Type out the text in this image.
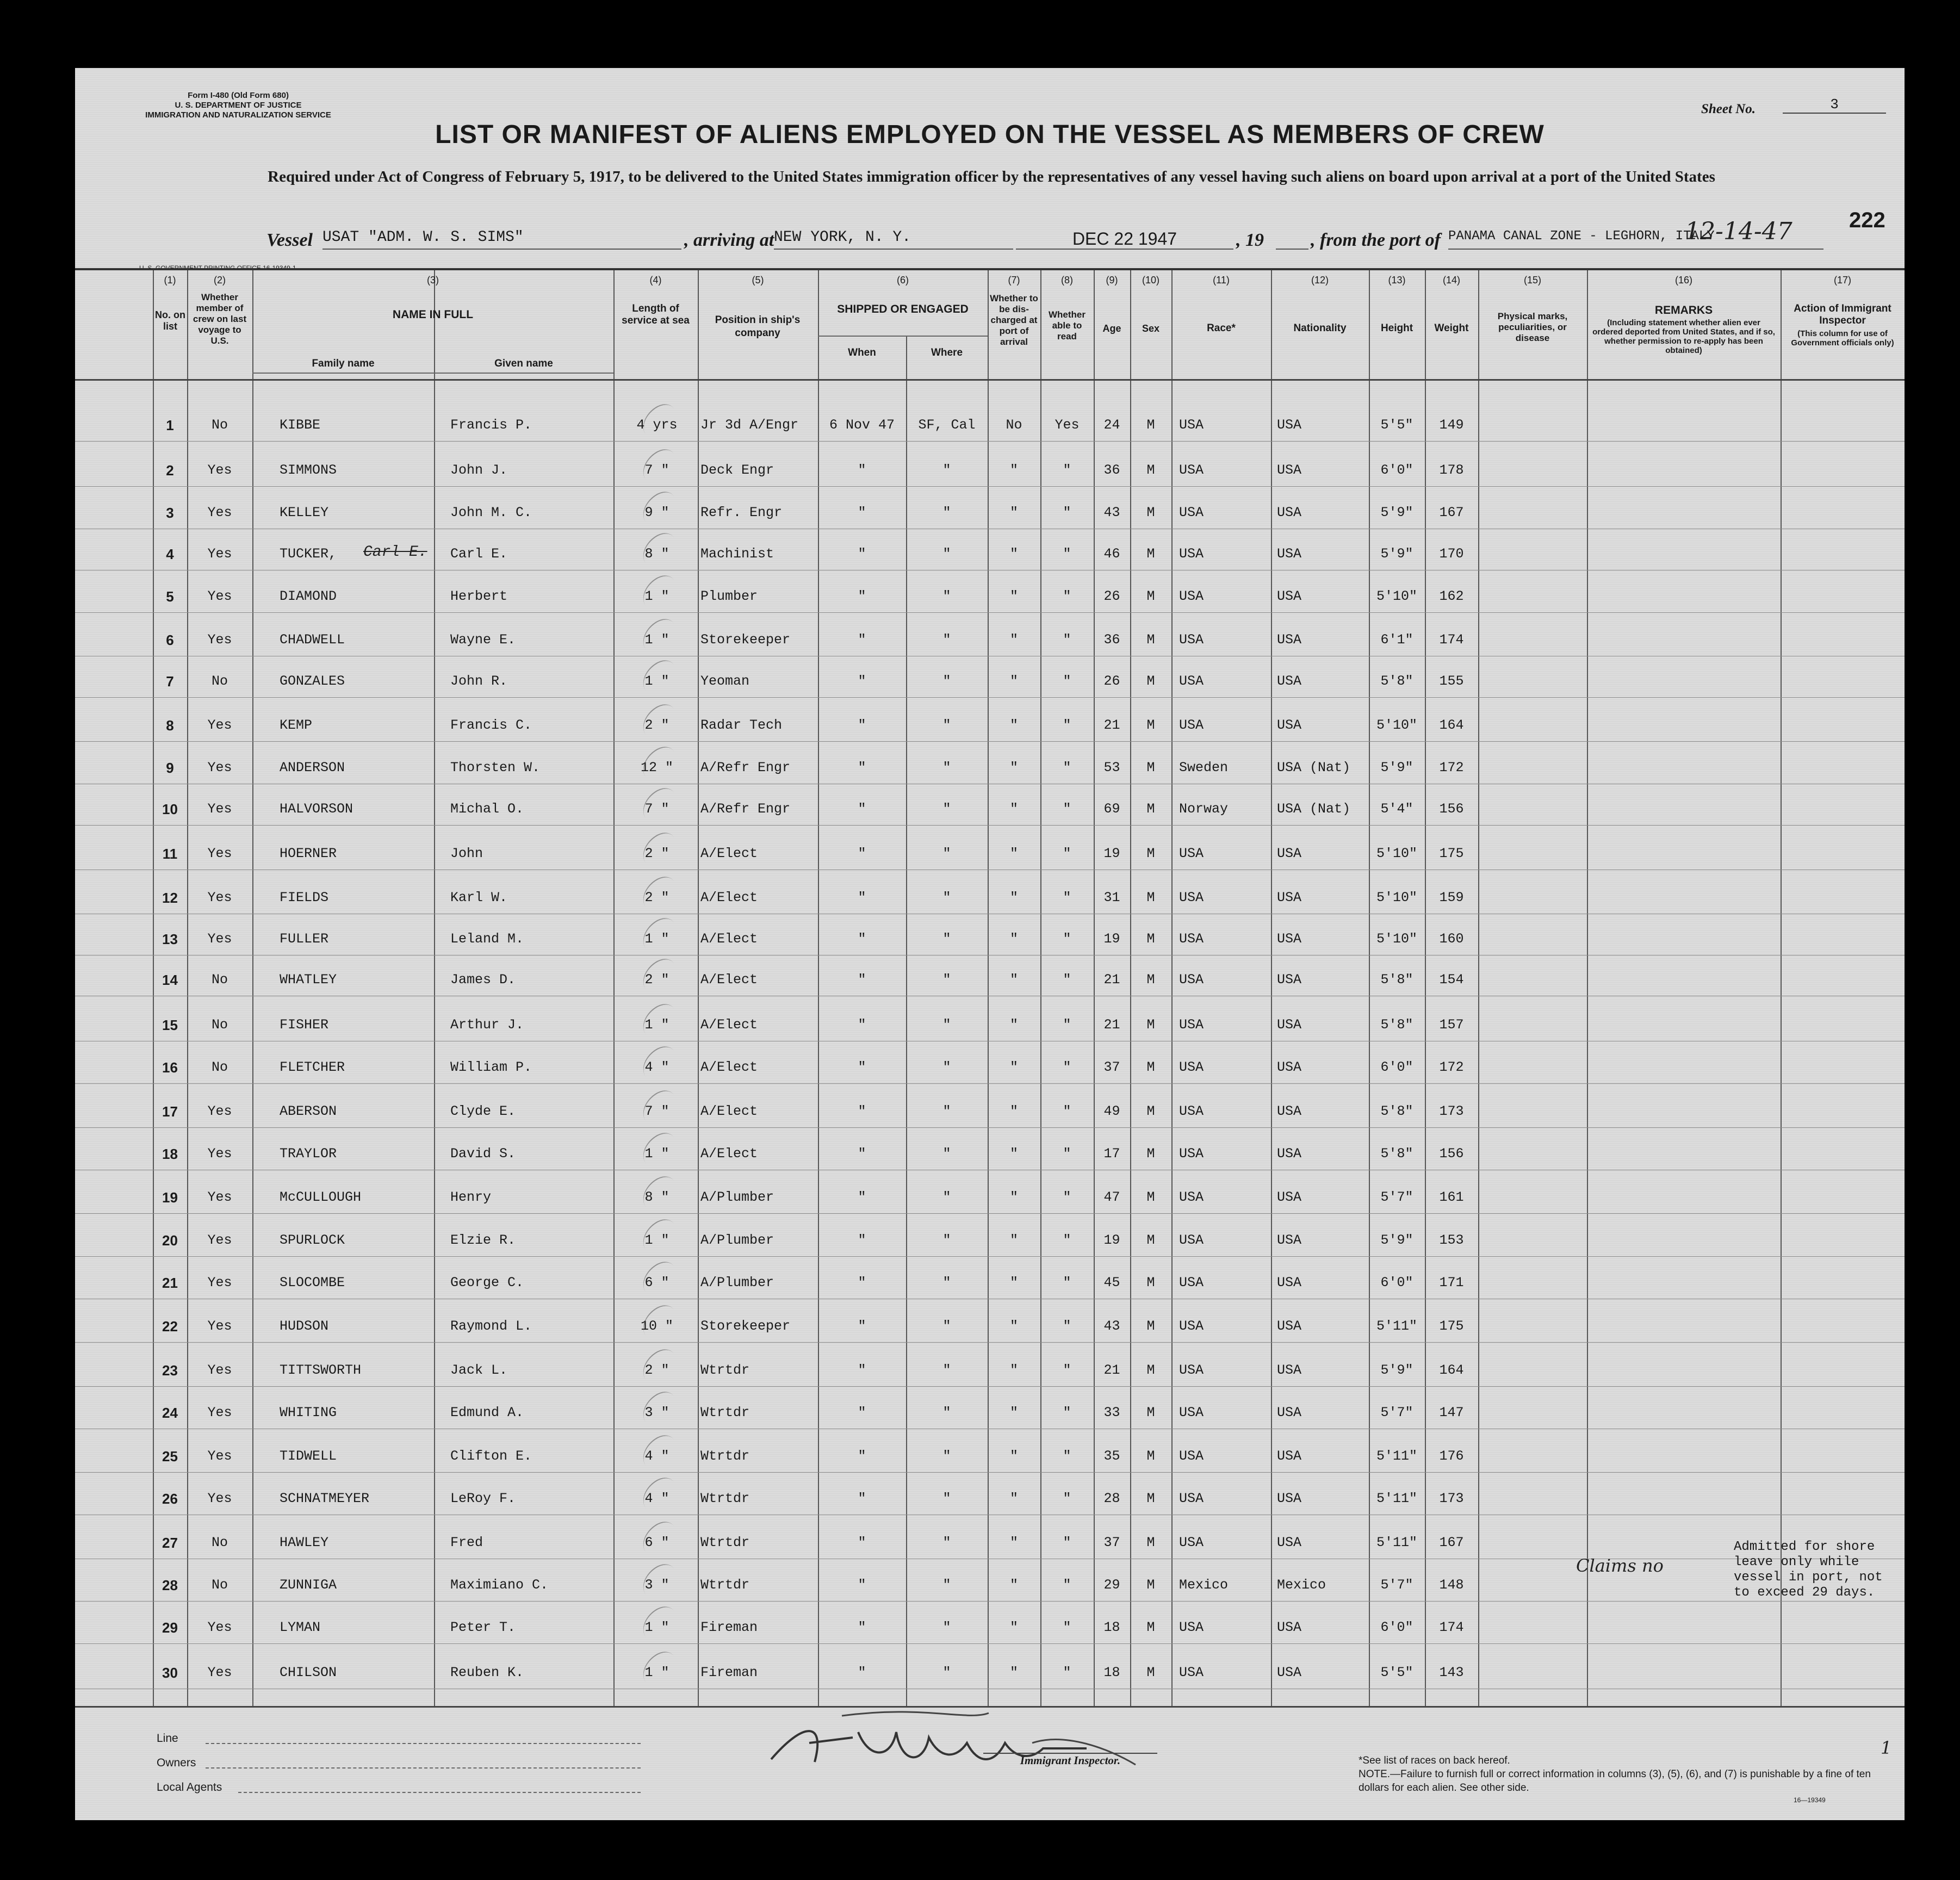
Form I-480 (Old Form 680)
U. S. DEPARTMENT OF JUSTICE
IMMIGRATION AND NATURALIZATION SERVICE	Sheet No.	3
LIST OR MANIFEST OF ALIENS EMPLOYED ON THE VESSEL AS MEMBERS OF CREW
Required under Act of Congress of February 5, 1917, to be delivered to the United States immigration officer by the representatives of any vessel having such aliens on board upon arrival at a port of the United States
222
Vessel USAT "ADM. W. S. SIMS"	, arriving at NEW YORK, N. Y.	DEC 22 1947	, 19	, from the port of PANAMA CANAL ZONE - LEGHORN, ITALY
12-14-47
U. S. GOVERNMENT PRINTING OFFICE 16-19349-1
(1)	(2)	(3)	(4)	(5)	(6)	(7)	(8)	(9)	(10)	(11)	(12)	(13)	(14)	(15)	(16)	(17)
No. on list
Whether member of crew on last voyage to U.S.
NAME IN FULL
Family name	Given name
Length of service at sea	Position in ship's company
SHIPPED OR ENGAGED
When	Where
Whether to be dis-charged at port of arrival
Whether able to read
Age	Sex	Race*	Nationality	Height	Weight
Physical marks, peculiarities, or disease
REMARKS
(Including statement whether alien ever ordered deported from United States, and if so, whether permission to re-apply has been obtained)
Action of Immigrant Inspector
(This column for use of Government officials only)
1	No	KIBBE	Francis P.	4 yrs	Jr 3d A/Engr	6 Nov 47	SF, Cal	No	Yes	24	M	USA	USA	5'5"	149
2	Yes	SIMMONS	John J.	7 "	Deck Engr	"	"	"	"	36	M	USA	USA	6'0"	178
3	Yes	KELLEY	John M. C.	9 "	Refr. Engr	"	"	"	"	43	M	USA	USA	5'9"	167
4	Yes	TUCKER,	Carl E.	8 "	Machinist	"	"	"	"	46	M	USA	USA	5'9"	170
Carl E.
5	Yes	DIAMOND	Herbert	1 "	Plumber	"	"	"	"	26	M	USA	USA	5'10"	162
6	Yes	CHADWELL	Wayne E.	1 "	Storekeeper	"	"	"	"	36	M	USA	USA	6'1"	174
7	No	GONZALES	John R.	1 "	Yeoman	"	"	"	"	26	M	USA	USA	5'8"	155
8	Yes	KEMP	Francis C.	2 "	Radar Tech	"	"	"	"	21	M	USA	USA	5'10"	164
9	Yes	ANDERSON	Thorsten W.	12 "	A/Refr Engr	"	"	"	"	53	M	Sweden	USA (Nat)	5'9"	172
10	Yes	HALVORSON	Michal O.	7 "	A/Refr Engr	"	"	"	"	69	M	Norway	USA (Nat)	5'4"	156
11	Yes	HOERNER	John	2 "	A/Elect	"	"	"	"	19	M	USA	USA	5'10"	175
12	Yes	FIELDS	Karl W.	2 "	A/Elect	"	"	"	"	31	M	USA	USA	5'10"	159
13	Yes	FULLER	Leland M.	1 "	A/Elect	"	"	"	"	19	M	USA	USA	5'10"	160
14	No	WHATLEY	James D.	2 "	A/Elect	"	"	"	"	21	M	USA	USA	5'8"	154
15	No	FISHER	Arthur J.	1 "	A/Elect	"	"	"	"	21	M	USA	USA	5'8"	157
16	No	FLETCHER	William P.	4 "	A/Elect	"	"	"	"	37	M	USA	USA	6'0"	172
17	Yes	ABERSON	Clyde E.	7 "	A/Elect	"	"	"	"	49	M	USA	USA	5'8"	173
18	Yes	TRAYLOR	David S.	1 "	A/Elect	"	"	"	"	17	M	USA	USA	5'8"	156
19	Yes	McCULLOUGH	Henry	8 "	A/Plumber	"	"	"	"	47	M	USA	USA	5'7"	161
20	Yes	SPURLOCK	Elzie R.	1 "	A/Plumber	"	"	"	"	19	M	USA	USA	5'9"	153
21	Yes	SLOCOMBE	George C.	6 "	A/Plumber	"	"	"	"	45	M	USA	USA	6'0"	171
22	Yes	HUDSON	Raymond L.	10 "	Storekeeper	"	"	"	"	43	M	USA	USA	5'11"	175
23	Yes	TITTSWORTH	Jack L.	2 "	Wtrtdr	"	"	"	"	21	M	USA	USA	5'9"	164
24	Yes	WHITING	Edmund A.	3 "	Wtrtdr	"	"	"	"	33	M	USA	USA	5'7"	147
25	Yes	TIDWELL	Clifton E.	4 "	Wtrtdr	"	"	"	"	35	M	USA	USA	5'11"	176
26	Yes	SCHNATMEYER	LeRoy F.	4 "	Wtrtdr	"	"	"	"	28	M	USA	USA	5'11"	173
27	No	HAWLEY	Fred	6 "	Wtrtdr	"	"	"	"	37	M	USA	USA	5'11"	167
28	No	ZUNNIGA	Maximiano C.	3 "	Wtrtdr	"	"	"	"	29	M	Mexico	Mexico	5'7"	148
29	Yes	LYMAN	Peter T.	1 "	Fireman	"	"	"	"	18	M	USA	USA	6'0"	174
30	Yes	CHILSON	Reuben K.	1 "	Fireman	"	"	"	"	18	M	USA	USA	5'5"	143
Admitted for shore leave only while vessel in port, not to exceed 29 days.
Claims no
Line
Owners
Local Agents
Immigrant Inspector.	*See list of races on back hereof.
NOTE.—Failure to furnish full or correct information in columns (3), (5), (6), and (7) is punishable by a fine of ten dollars for each alien. See other side.
16—19349
1
